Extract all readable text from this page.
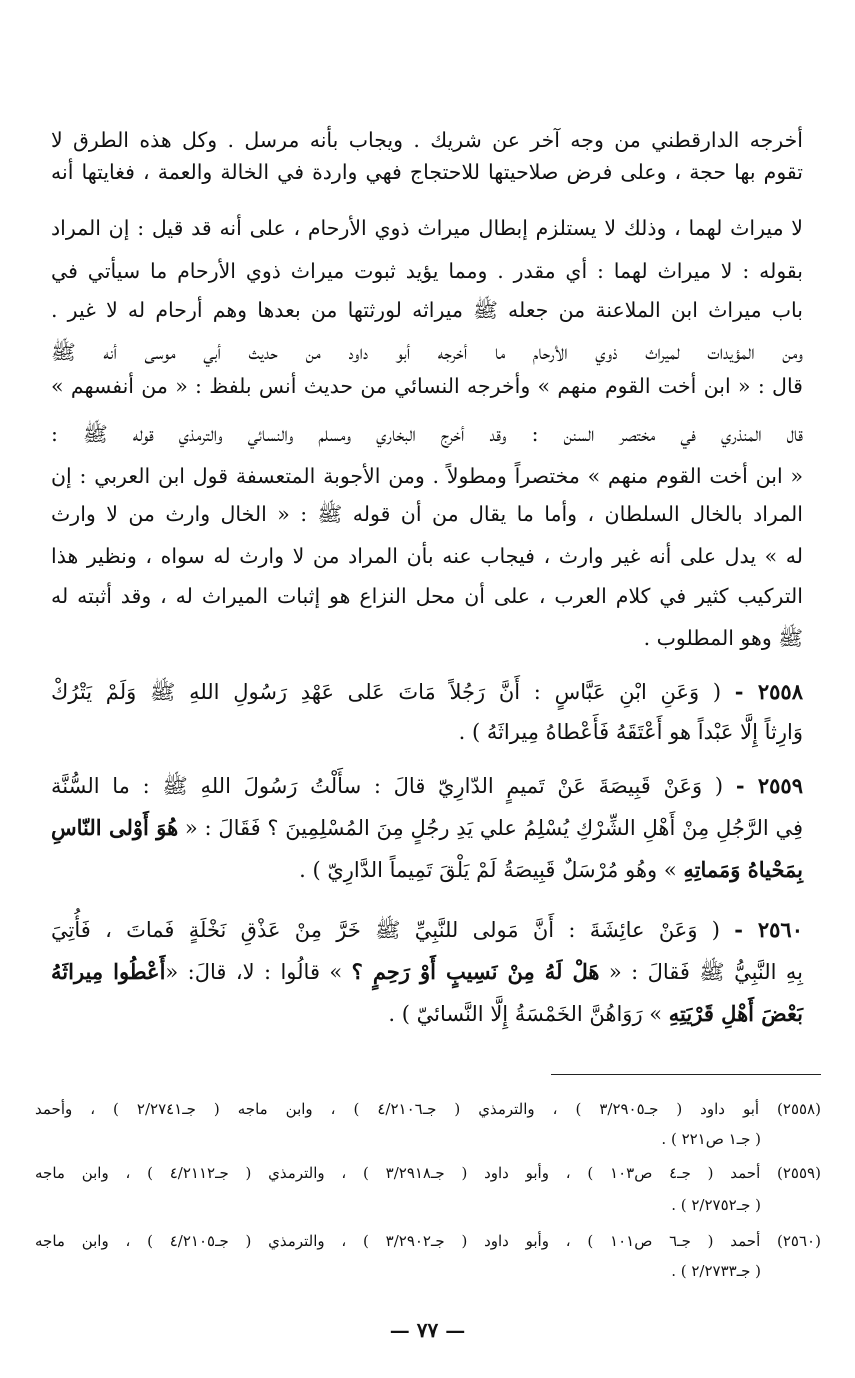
أخرجه الدارقطني من وجه آخر عن شريك . ويجاب بأنه مرسل . وكل هذه الطرق لا

تقوم بها حجة ، وعلى فرض صلاحيتها للاحتجاج فهي واردة في الخالة والعمة ، فغايتها أنه

لا ميراث لهما ، وذلك لا يستلزم إبطال ميراث ذوي الأرحام ، على أنه قد قيل : إن المراد

بقوله : لا ميراث لهما : أي مقدر . ومما يؤيد ثبوت ميراث ذوي الأرحام ما سيأتي في

باب ميراث ابن الملاعنة من جعله ﷺ ميراثه لورثتها من بعدها وهم أرحام له لا غير .

ومن المؤيدات لميراث ذوي الأرحام ما أخرجه أبو داود من حديث أبي موسى أنه ﷺ

قال : « ابن أخت القوم منهم » وأخرجه النسائي من حديث أنس بلفظ : « من أنفسهم »

قال المنذري في مختصر السنن : وقد أخرج البخاري ومسلم والنسائي والترمذي قوله ﷺ :

« ابن أخت القوم منهم » مختصراً ومطولاً . ومن الأجوبة المتعسفة قول ابن العربي : إن

المراد بالخال السلطان ، وأما ما يقال من أن قوله ﷺ : « الخال وارث من لا وارث

له » يدل على أنه غير وارث ، فيجاب عنه بأن المراد من لا وارث له سواه ، ونظير هذا

التركيب كثير في كلام العرب ، على أن محل النزاع هو إثبات الميراث له ، وقد أثبته له

ﷺ وهو المطلوب .

٢٥٥٨ - ( وَعَنِ ابْنِ عَبَّاسٍ : أَنَّ رَجُلاً مَاتَ عَلى عَهْدِ رَسُولِ اللهِ ﷺ وَلَمْ يَتْرُكْ

وَارِثاً إِلَّا عَبْداً هو أَعْتَقَهُ فَأَعْطاهُ مِيراثَهُ ) .

٢٥٥٩ - ( وَعَنْ قَبِيصَةَ عَنْ تَميمٍ الدّارِيّ قالَ : سأَلْتُ رَسُولَ اللهِ ﷺ : ما السُّنَّة

فِي الرَّجُلِ مِنْ أَهْلِ الشِّرْكِ يُسْلِمُ علي يَدِ رجُلٍ مِنَ المُسْلِمِينَ ؟ فَقَالَ : « هُوَ أَوْلى النّاسِ

بِمَحْياهُ وَمَماتِهِ » وهُو مُرْسَلٌ قَبِيصَةُ لَمْ يَلْقَ تَمِيماً الدَّارِيّ ) .

٢٥٦٠ - ( وَعَنْ عائِشَةَ : أَنَّ مَولى للنَّبِيِّ ﷺ خَرَّ مِنْ عَذْقِ نَخْلَةٍ فَماتَ ، فَأُتِيَ

بِهِ النَّبِيُّ ﷺ فَقالَ : « هَلْ لَهُ مِنْ نَسِيبٍ أَوْ رَحِمٍ ؟ » قالُوا : لا، قالَ: «أَعْطُوا مِيراثَهُ

بَعْضَ أَهْلِ قَرْيَتِهِ » رَوَاهُنَّ الخَمْسَةُ إِلَّا النَّسائيّ ) .

(٢٥٥٨) أبو داود ( جـ٣/٢٩٠٥ ) ، والترمذي ( جـ٤/٢١٠٦ ) ، وابن ماجه ( جـ٢/٢٧٤١ ) ، وأحمد

( جـ١ ص٢٢١ ) .

(٢٥٥٩) أحمد ( جـ٤ ص١٠٣ ) ، وأبو داود ( جـ٣/٢٩١٨ ) ، والترمذي ( جـ٤/٢١١٢ ) ، وابن ماجه

( جـ٢/٢٧٥٢ ) .

(٢٥٦٠) أحمد ( جـ٦ ص١٠١ ) ، وأبو داود ( جـ٣/٢٩٠٢ ) ، والترمذي ( جـ٤/٢١٠٥ ) ، وابن ماجه

( جـ٢/٢٧٣٣ ) .

— ٧٧ —
